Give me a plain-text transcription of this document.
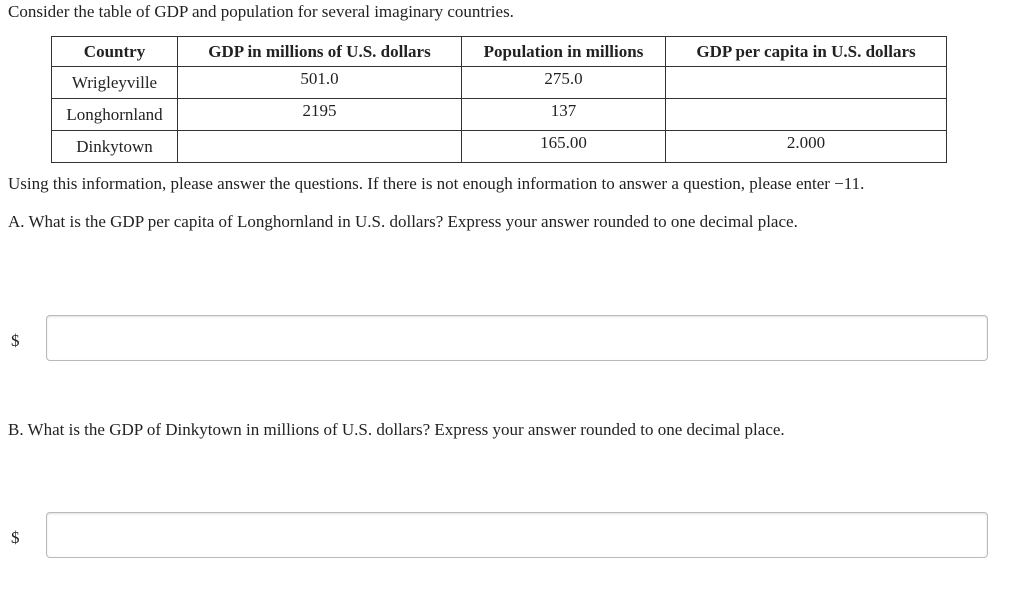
Consider the table of GDP and population for several imaginary countries.
Country	GDP in millions of U.S. dollars	Population in millions	GDP per capita in U.S. dollars
Wrigleyville	501.0	275.0	
Longhornland	2195	137	
Dinkytown		165.00	2.000
Using this information, please answer the questions. If there is not enough information to answer a question, please enter −11.
A. What is the GDP per capita of Longhornland in U.S. dollars? Express your answer rounded to one decimal place.
$
B. What is the GDP of Dinkytown in millions of U.S. dollars? Express your answer rounded to one decimal place.
$
